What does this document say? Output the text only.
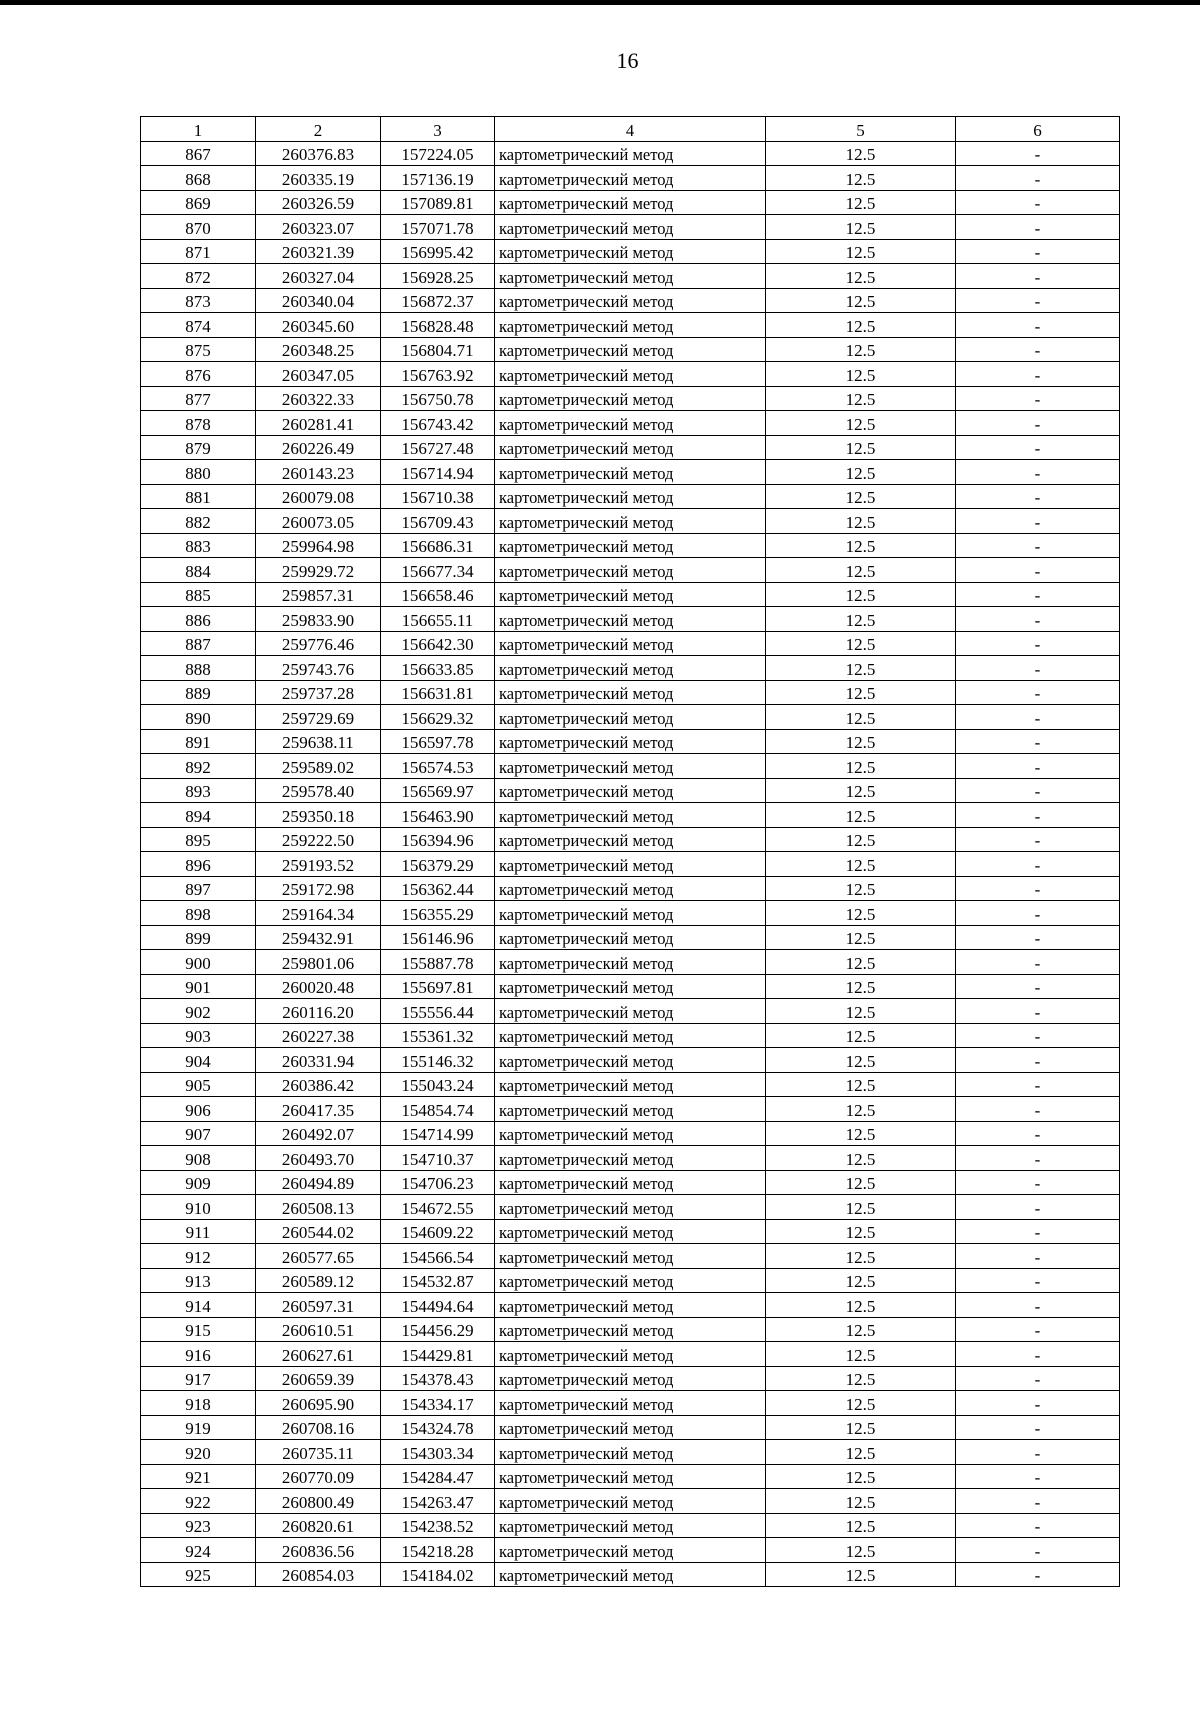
16
1	2	3	4	5	6
867	260376.83	157224.05	картометрический метод	12.5	-
868	260335.19	157136.19	картометрический метод	12.5	-
869	260326.59	157089.81	картометрический метод	12.5	-
870	260323.07	157071.78	картометрический метод	12.5	-
871	260321.39	156995.42	картометрический метод	12.5	-
872	260327.04	156928.25	картометрический метод	12.5	-
873	260340.04	156872.37	картометрический метод	12.5	-
874	260345.60	156828.48	картометрический метод	12.5	-
875	260348.25	156804.71	картометрический метод	12.5	-
876	260347.05	156763.92	картометрический метод	12.5	-
877	260322.33	156750.78	картометрический метод	12.5	-
878	260281.41	156743.42	картометрический метод	12.5	-
879	260226.49	156727.48	картометрический метод	12.5	-
880	260143.23	156714.94	картометрический метод	12.5	-
881	260079.08	156710.38	картометрический метод	12.5	-
882	260073.05	156709.43	картометрический метод	12.5	-
883	259964.98	156686.31	картометрический метод	12.5	-
884	259929.72	156677.34	картометрический метод	12.5	-
885	259857.31	156658.46	картометрический метод	12.5	-
886	259833.90	156655.11	картометрический метод	12.5	-
887	259776.46	156642.30	картометрический метод	12.5	-
888	259743.76	156633.85	картометрический метод	12.5	-
889	259737.28	156631.81	картометрический метод	12.5	-
890	259729.69	156629.32	картометрический метод	12.5	-
891	259638.11	156597.78	картометрический метод	12.5	-
892	259589.02	156574.53	картометрический метод	12.5	-
893	259578.40	156569.97	картометрический метод	12.5	-
894	259350.18	156463.90	картометрический метод	12.5	-
895	259222.50	156394.96	картометрический метод	12.5	-
896	259193.52	156379.29	картометрический метод	12.5	-
897	259172.98	156362.44	картометрический метод	12.5	-
898	259164.34	156355.29	картометрический метод	12.5	-
899	259432.91	156146.96	картометрический метод	12.5	-
900	259801.06	155887.78	картометрический метод	12.5	-
901	260020.48	155697.81	картометрический метод	12.5	-
902	260116.20	155556.44	картометрический метод	12.5	-
903	260227.38	155361.32	картометрический метод	12.5	-
904	260331.94	155146.32	картометрический метод	12.5	-
905	260386.42	155043.24	картометрический метод	12.5	-
906	260417.35	154854.74	картометрический метод	12.5	-
907	260492.07	154714.99	картометрический метод	12.5	-
908	260493.70	154710.37	картометрический метод	12.5	-
909	260494.89	154706.23	картометрический метод	12.5	-
910	260508.13	154672.55	картометрический метод	12.5	-
911	260544.02	154609.22	картометрический метод	12.5	-
912	260577.65	154566.54	картометрический метод	12.5	-
913	260589.12	154532.87	картометрический метод	12.5	-
914	260597.31	154494.64	картометрический метод	12.5	-
915	260610.51	154456.29	картометрический метод	12.5	-
916	260627.61	154429.81	картометрический метод	12.5	-
917	260659.39	154378.43	картометрический метод	12.5	-
918	260695.90	154334.17	картометрический метод	12.5	-
919	260708.16	154324.78	картометрический метод	12.5	-
920	260735.11	154303.34	картометрический метод	12.5	-
921	260770.09	154284.47	картометрический метод	12.5	-
922	260800.49	154263.47	картометрический метод	12.5	-
923	260820.61	154238.52	картометрический метод	12.5	-
924	260836.56	154218.28	картометрический метод	12.5	-
925	260854.03	154184.02	картометрический метод	12.5	-
